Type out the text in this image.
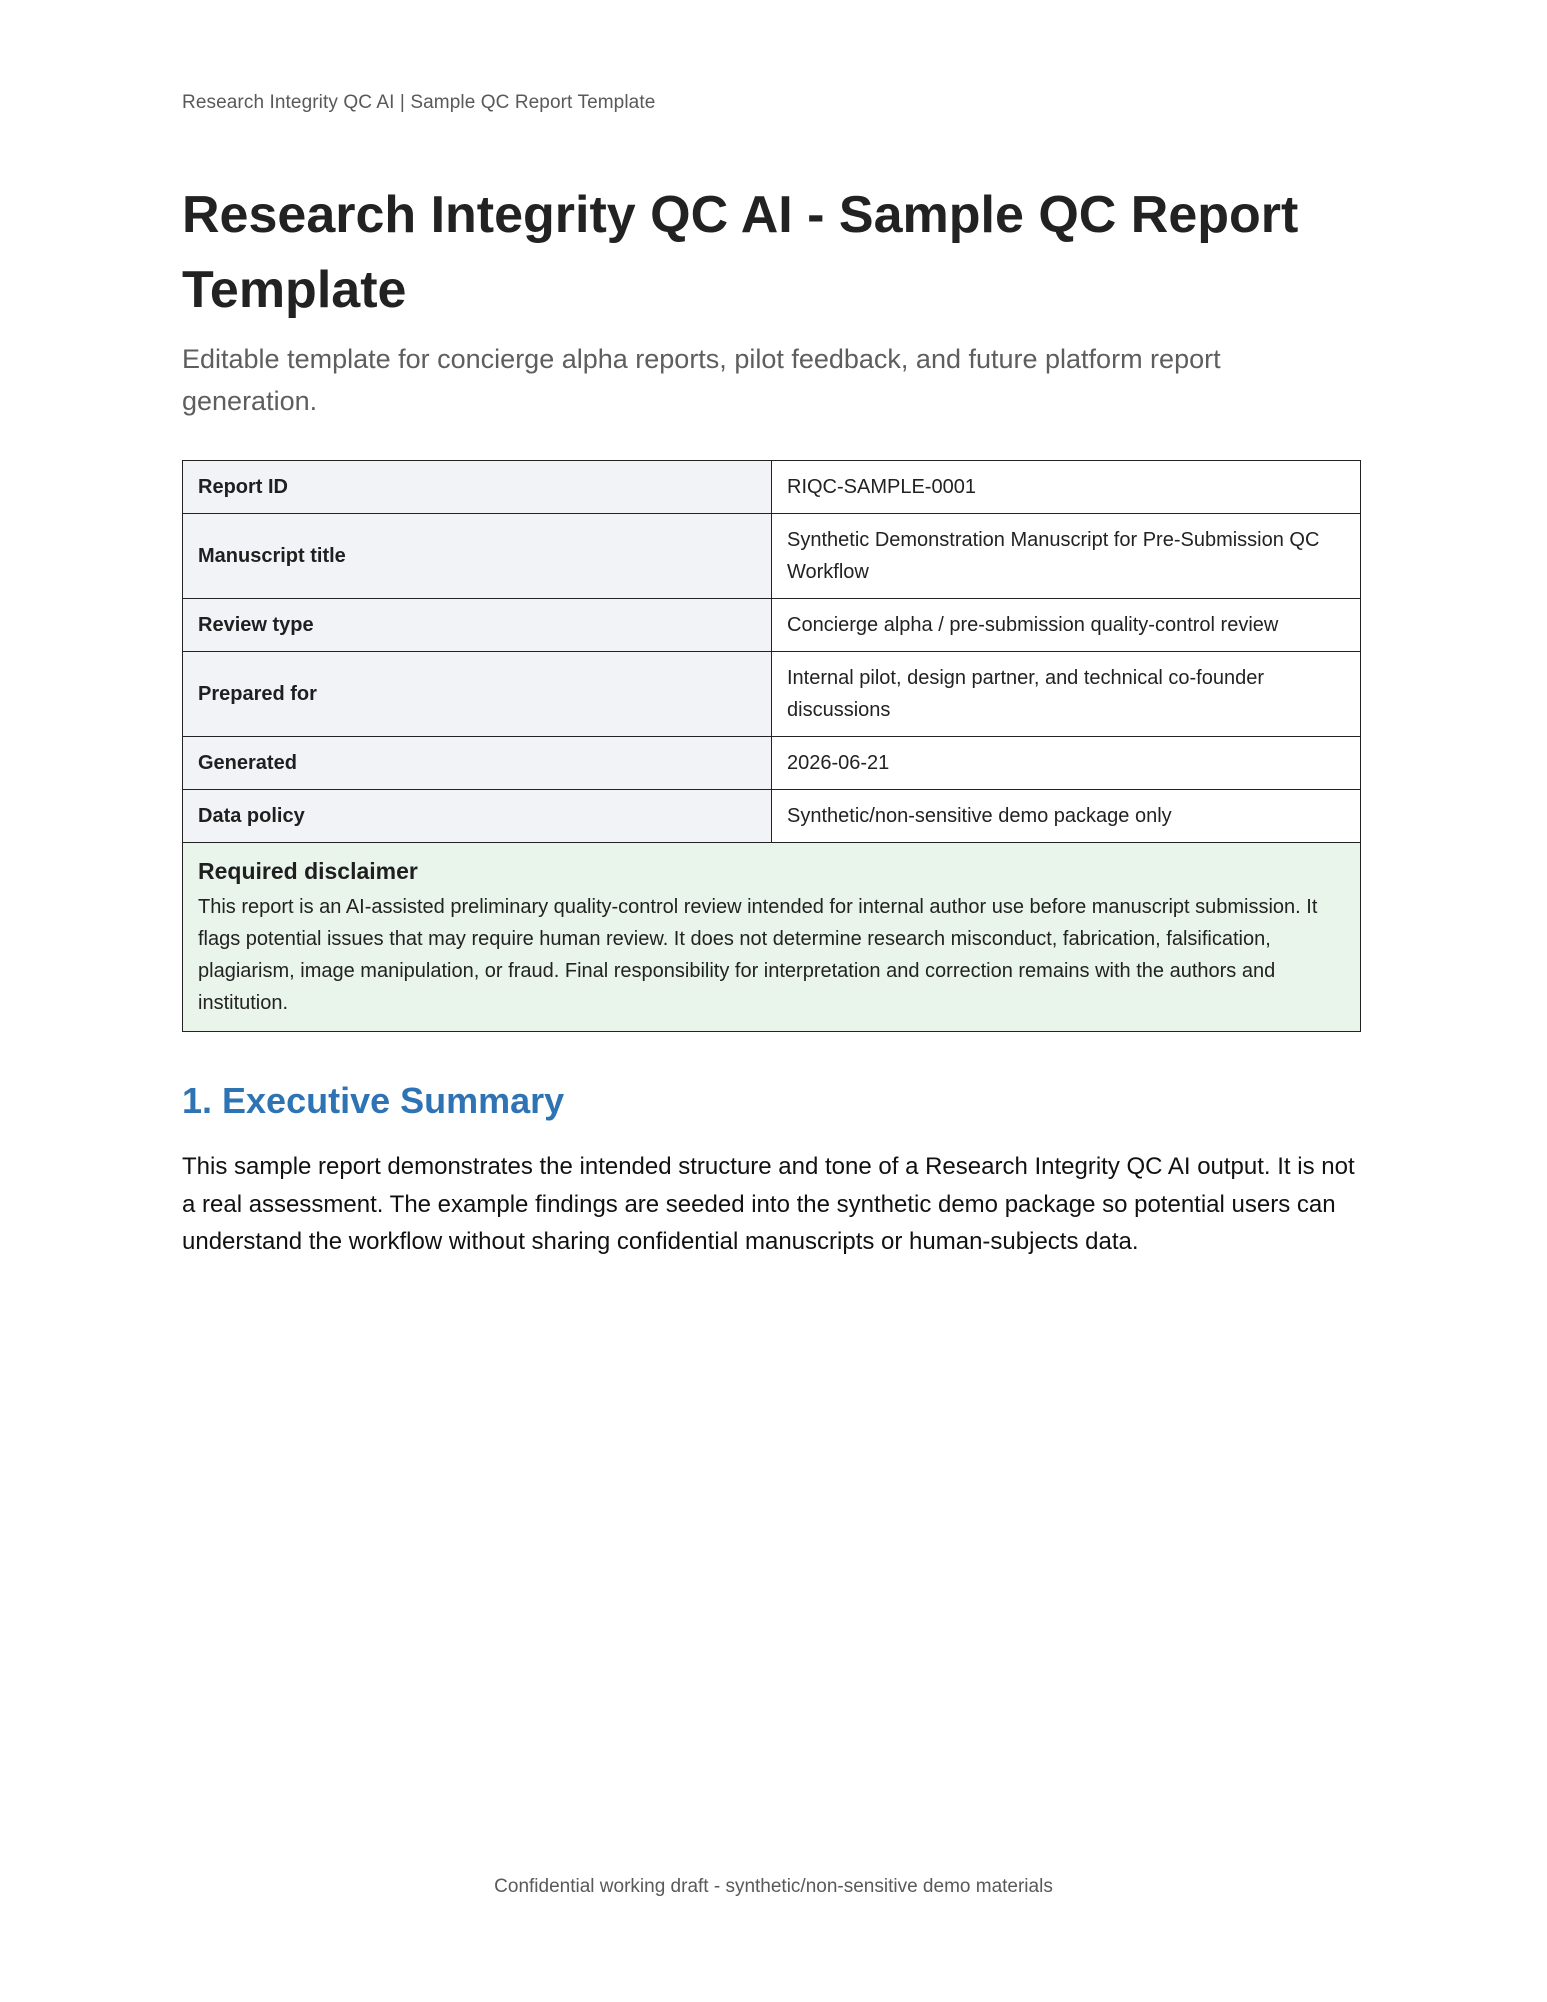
Research Integrity QC AI | Sample QC Report Template
Research Integrity QC AI - Sample QC Report Template

Editable template for concierge alpha reports, pilot feedback, and future platform report generation.

Report ID	RIQC-SAMPLE-0001
Manuscript title	Synthetic Demonstration Manuscript for Pre-Submission QC Workflow
Review type	Concierge alpha / pre-submission quality-control review
Prepared for	Internal pilot, design partner, and technical co-founder discussions
Generated	2026-06-21
Data policy	Synthetic/non-sensitive demo package only

Required disclaimer

This report is an AI-assisted preliminary quality-control review intended for internal author use before manuscript submission. It flags potential issues that may require human review. It does not determine research misconduct, fabrication, falsification, plagiarism, image manipulation, or fraud. Final responsibility for interpretation and correction remains with the authors and institution.	

1. Executive Summary

This sample report demonstrates the intended structure and tone of a Research Integrity QC AI output. It is not a real assessment. The example findings are seeded into the synthetic demo package so potential users can understand the workflow without sharing confidential manuscripts or human-subjects data.

Confidential working draft - synthetic/non-sensitive demo materials
